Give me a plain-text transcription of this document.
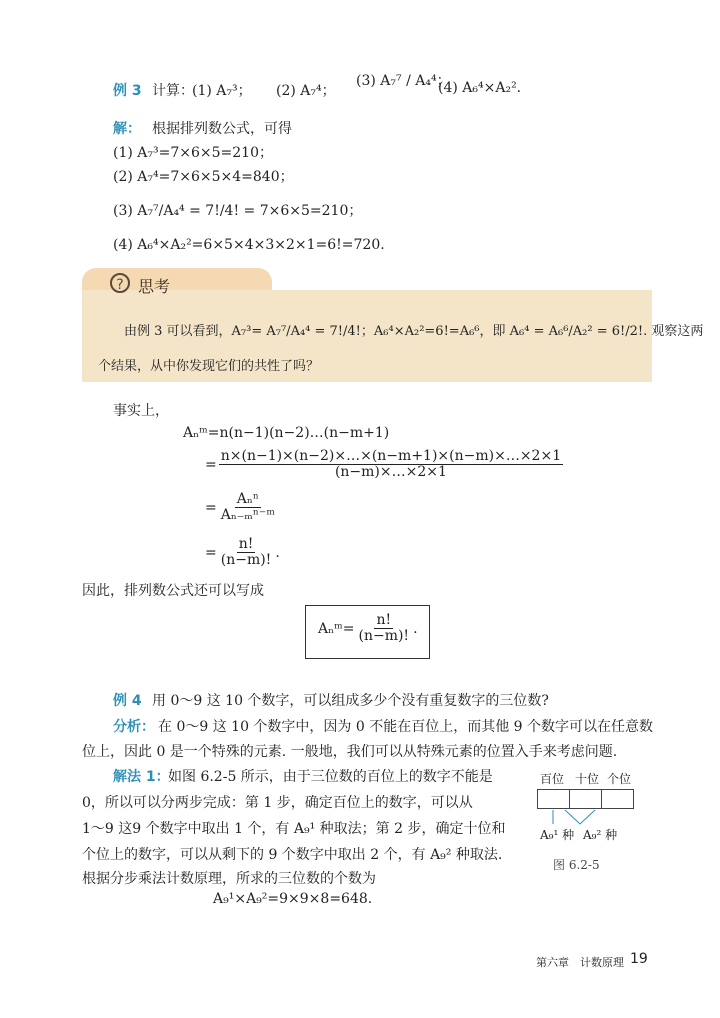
例 3 计算：
(1) A₇³； (2) A₇⁴；
(3) A₇⁷ / A₄⁴；
(4) A₆⁴×A₂².
解： 根据排列数公式，可得
(1) A₇³=7×6×5=210；
(2) A₇⁴=7×6×5×4=840；
(3) A₇⁷/A₄⁴ = 7!/4! = 7×6×5=210；
(4) A₆⁴×A₂²=6×5×4×3×2×1=6!=720.
? 思考
由例 3 可以看到，A₇³= A₇⁷/A₄⁴ = 7!/4!；A₆⁴×A₂²=6!=A₆⁶，即 A₆⁴ = A₆⁶/A₂² = 6!/2!. 观察这两
个结果，从中你发现它们的共性了吗？
事实上，
Aₙᵐ=n(n−1)(n−2)…(n−m+1)
= $\frac{n\times(n-1)\times(n-2)\times\dots\times(n-m+1)\times(n-m)\times\dots\times 2\times 1}{(n-m)\times\dots\times 2\times 1}$
= $\frac{\text{Aₙⁿ}}{\text{Aₙ₋ₘⁿ⁻ᵐ}}$
= $\frac{n!}{(n-m)!}$ .
因此，排列数公式还可以写成
Aₙᵐ= $\frac{n!}{(n-m)!}$ .
例 4 用 0～9 这 10 个数字，可以组成多少个没有重复数字的三位数?
分析： 在 0～9 这 10 个数字中，因为 0 不能在百位上，而其他 9 个数字可以在任意数
位上，因此 0 是一个特殊的元素. 一般地，我们可以从特殊元素的位置入手来考虑问题.
解法 1：
如图 6.2-5 所示，由于三位数的百位上的数字不能是
0，所以可以分两步完成：第 1 步，确定百位上的数字，可以从
1～9 这9 个数字中取出 1 个，有 A₉¹ 种取法；第 2 步，确定十位和
个位上的数字，可以从剩下的 9 个数字中取出 2 个，有 A₉² 种取法.
根据分步乘法计数原理，所求的三位数的个数为
A₉¹×A₉²=9×9×8=648.
百位 十位 个位
A₉¹ 种 A₉² 种
图 6.2-5
第六章　计数原理 19
